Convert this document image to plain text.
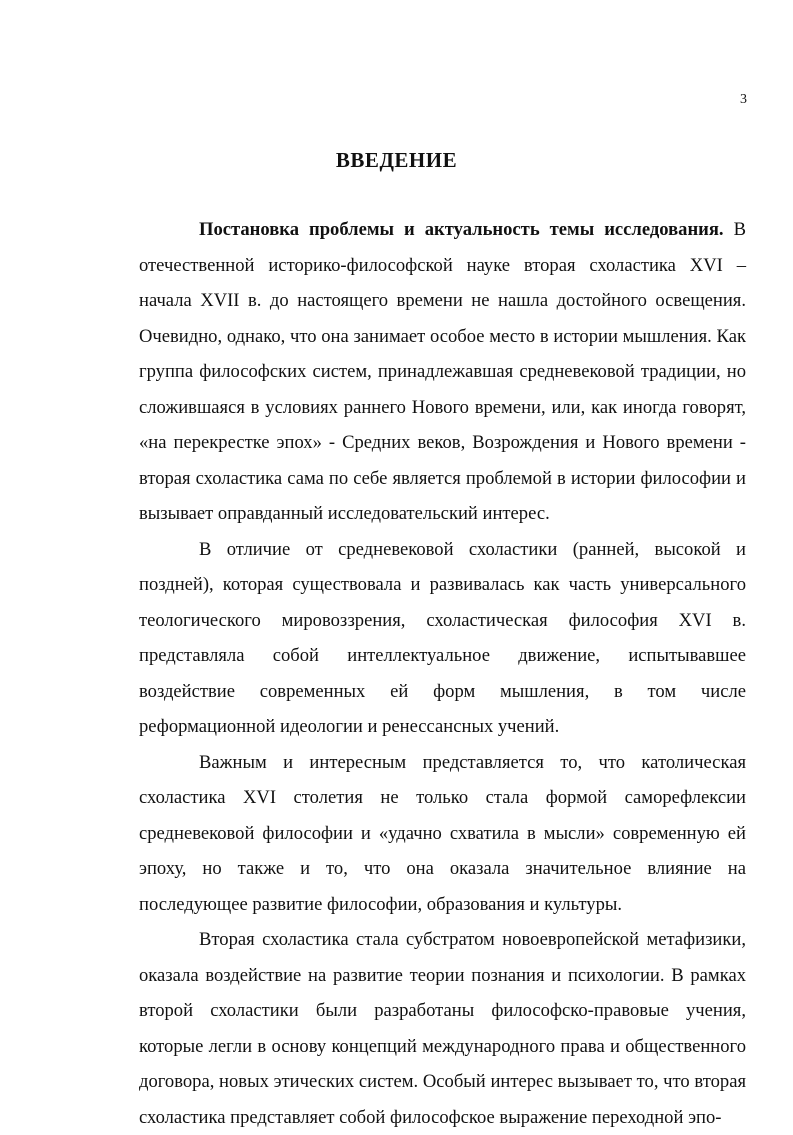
3
ВВЕДЕНИЕ

Постановка проблемы и актуальность темы исследования. В отечественной историко-философской науке вторая схоластика XVI – начала XVII в. до настоящего времени не нашла достойного освещения. Очевидно, однако, что она занимает особое место в истории мышления. Как группа философских систем, принадлежавшая средневековой традиции, но сложившаяся в условиях раннего Нового времени, или, как иногда говорят, «на перекрестке эпох» - Средних веков, Возрождения и Нового времени - вторая схоластика сама по себе является проблемой в истории философии и вызывает оправданный исследовательский интерес.

В отличие от средневековой схоластики (ранней, высокой и поздней), которая существовала и развивалась как часть универсального теологического мировоззрения, схоластическая философия XVI в. представляла собой интеллектуальное движение, испытывавшее воздействие современных ей форм мышления, в том числе реформационной идеологии и ренессансных учений.

Важным и интересным представляется то, что католическая схоластика XVI столетия не только стала формой саморефлексии средневековой философии и «удачно схватила в мысли» современную ей эпоху, но также и то, что она оказала значительное влияние на последующее развитие философии, образования и культуры.

Вторая схоластика стала субстратом новоевропейской метафизики, оказала воздействие на развитие теории познания и психологии. В рамках второй схоластики были разработаны философско-правовые учения, которые легли в основу концепций международного права и общественного договора, новых этических систем. Особый интерес вызывает то, что вторая схоластика представляет собой философское выражение переходной эпо-
